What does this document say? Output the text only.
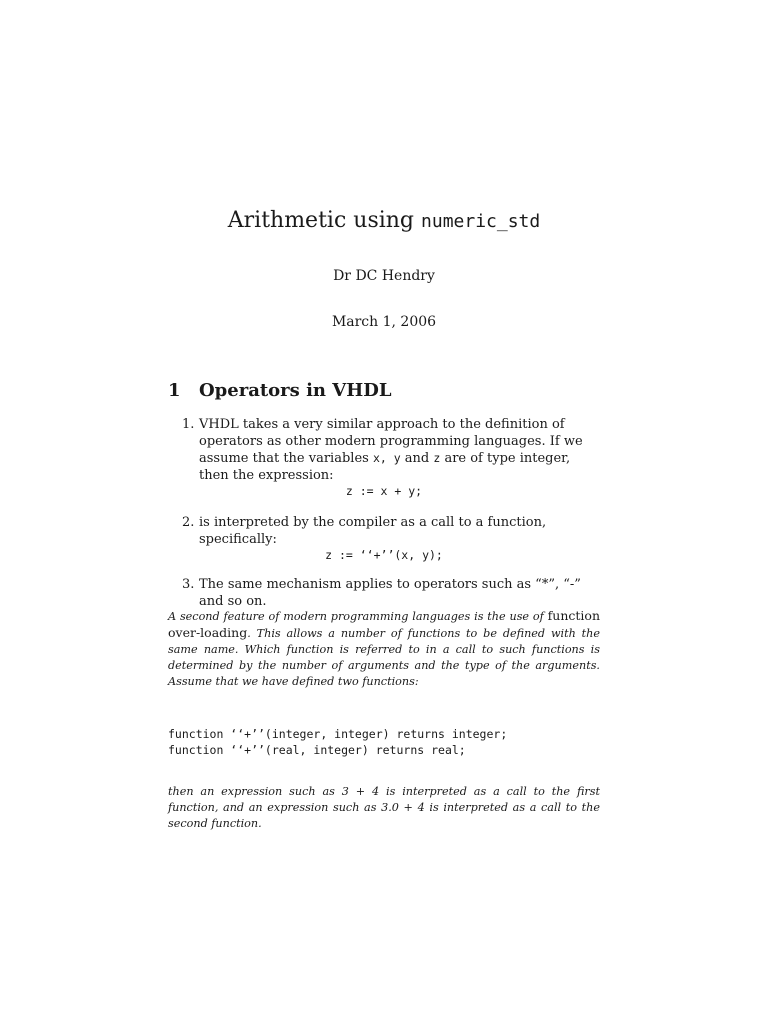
Arithmetic using numeric_std
Dr DC Hendry
March 1, 2006
1 Operators in VHDL
1. VHDL takes a very similar approach to the definition of operators as other modern programming languages. If we assume that the variables x, y and z are of type integer, then the expression:
z := x + y;
2. is interpreted by the compiler as a call to a function, specifically:
z := ‘‘+’’(x, y);
3. The same mechanism applies to operators such as “*”, “-” and so on.

A second feature of modern programming languages is the use of function over-loading. This allows a number of functions to be defined with the same name. Which function is referred to in a call to such functions is determined by the number of arguments and the type of the arguments. Assume that we have defined two functions:

function ‘‘+’’(integer, integer) returns integer;
function ‘‘+’’(real, integer) returns real;

then an expression such as 3 + 4 is interpreted as a call to the first function, and an expression such as 3.0 + 4 is interpreted as a call to the second function.
